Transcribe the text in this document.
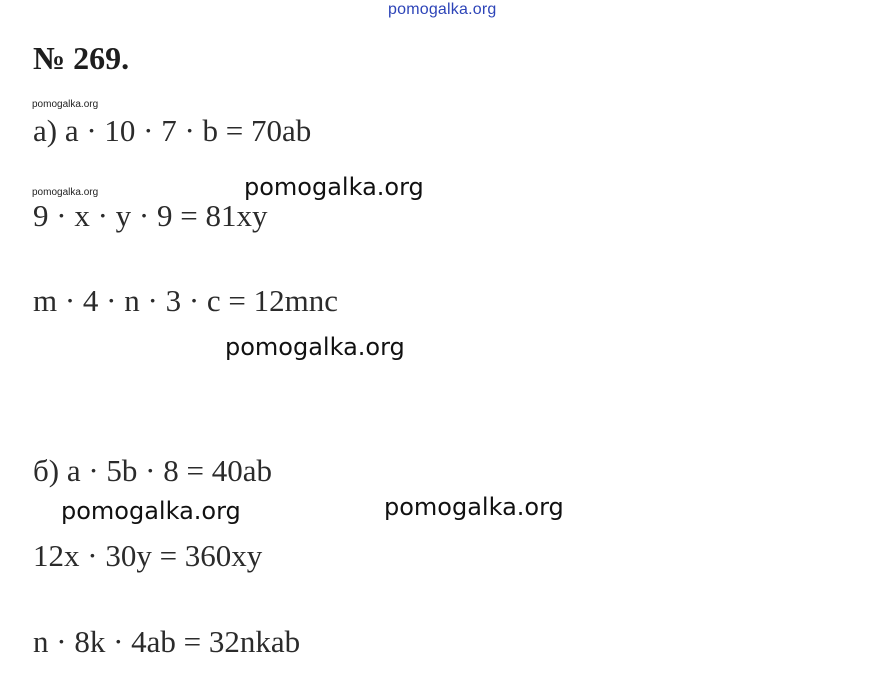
pomogalka.org
№ 269.
pomogalka.org
а) a · 10 · 7 · b = 70ab
pomogalka.org	pomogalka.org
9 · x · y · 9 = 81xy
m · 4 · n · 3 · c = 12mnc
pomogalka.org
б) a · 5b · 8 = 40ab
pomogalka.org	pomogalka.org
12x · 30y = 360xy
n · 8k · 4ab = 32nkab
